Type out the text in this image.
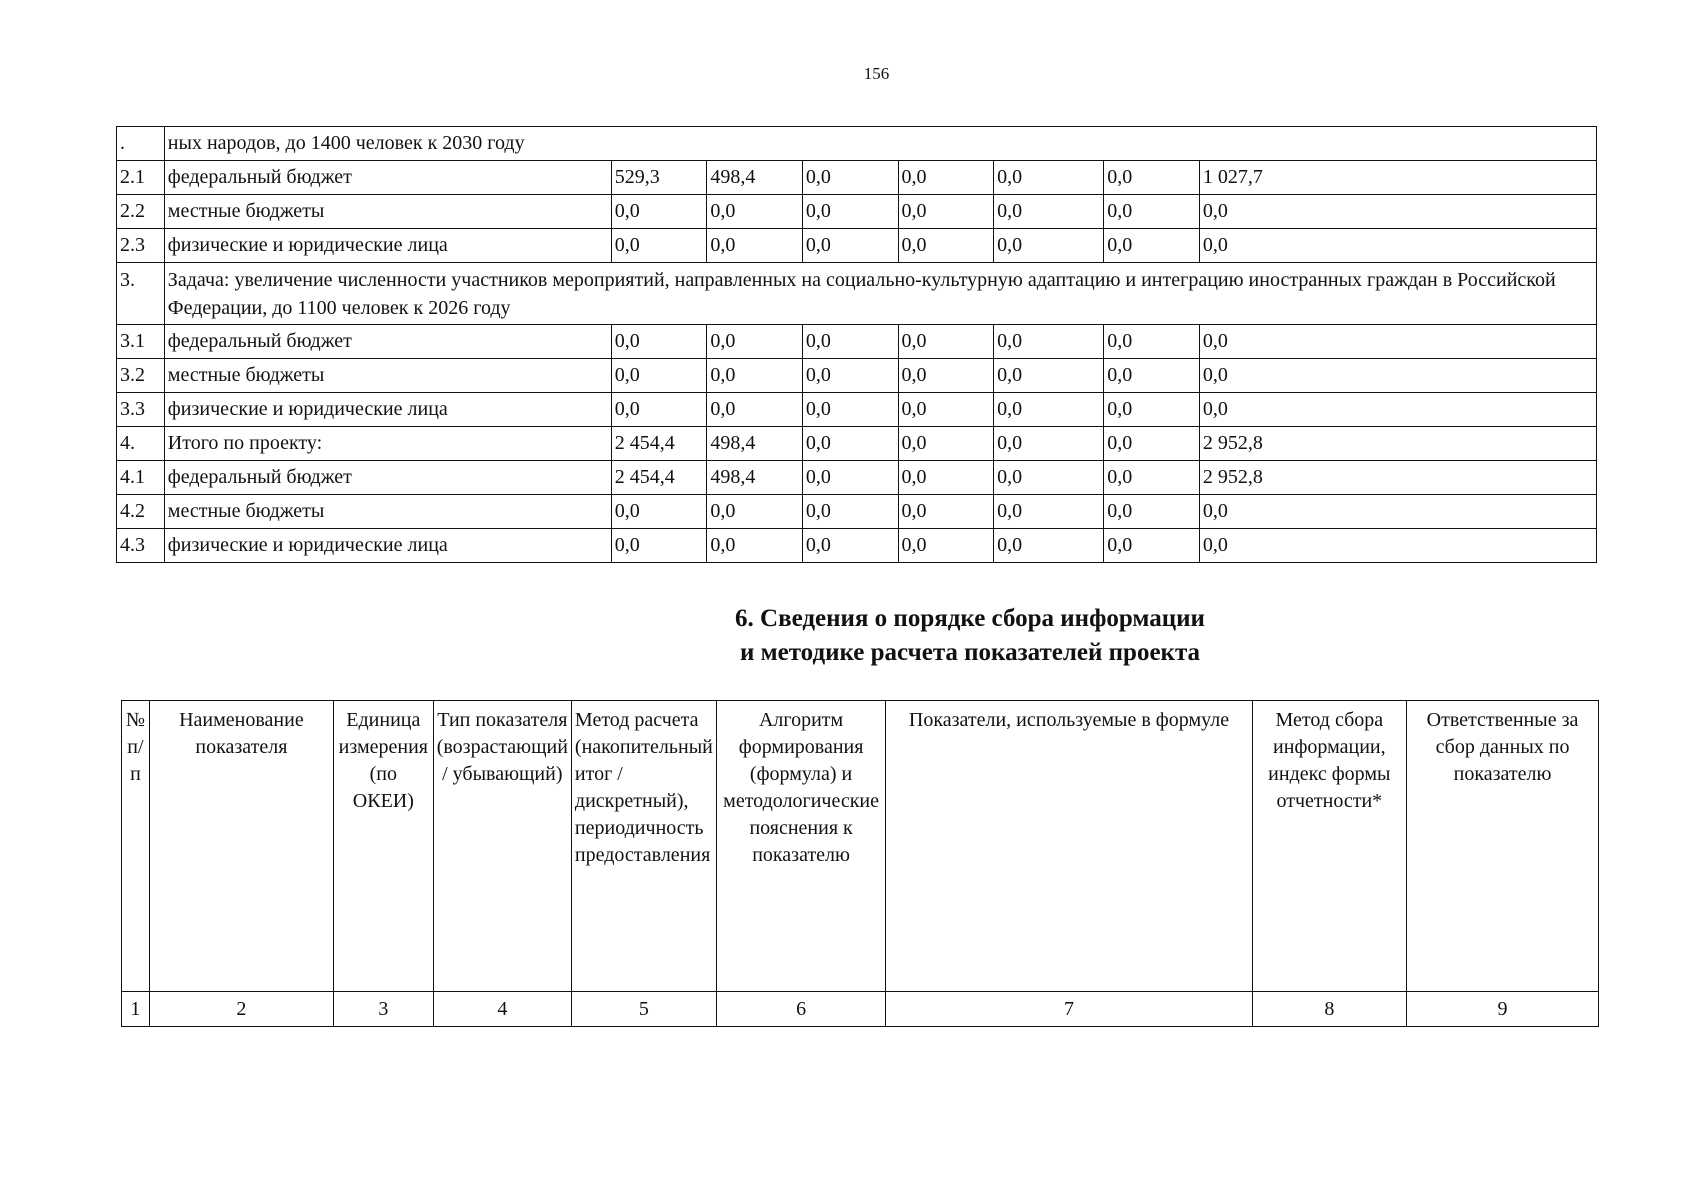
156
.	ных народов, до 1400 человек к 2030 году							
2.1	федеральный бюджет	529,3	498,4	0,0	0,0	0,0	0,0	1 027,7
2.2	местные бюджеты	0,0	0,0	0,0	0,0	0,0	0,0	0,0
2.3	физические и юридические лица	0,0	0,0	0,0	0,0	0,0	0,0	0,0
3.	Задача: увеличение численности участников мероприятий, направленных на социально-культурную адаптацию и интеграцию иностранных граждан в Российской Федерации, до 1100 человек к 2026 году							
3.1	федеральный бюджет	0,0	0,0	0,0	0,0	0,0	0,0	0,0
3.2	местные бюджеты	0,0	0,0	0,0	0,0	0,0	0,0	0,0
3.3	физические и юридические лица	0,0	0,0	0,0	0,0	0,0	0,0	0,0
4.	Итого по проекту:	2 454,4	498,4	0,0	0,0	0,0	0,0	2 952,8
4.1	федеральный бюджет	2 454,4	498,4	0,0	0,0	0,0	0,0	2 952,8
4.2	местные бюджеты	0,0	0,0	0,0	0,0	0,0	0,0	0,0
4.3	физические и юридические лица	0,0	0,0	0,0	0,0	0,0	0,0	0,0
6. Сведения о порядке сбора информации
и методике расчета показателей проекта
№ п/ п	Наименование показателя	Единица измерения (по ОКЕИ)	Тип показателя (возрастающий / убывающий)	Метод расчета (накопительный итог / дискретный), периодичность предоставления	Алгоритм формирования (формула) и методологические пояснения к показателю	Показатели, используемые в формуле	Метод сбора информации, индекс формы отчетности*	Ответственные за сбор данных по показателю
1	2	3	4	5	6	7	8	9
